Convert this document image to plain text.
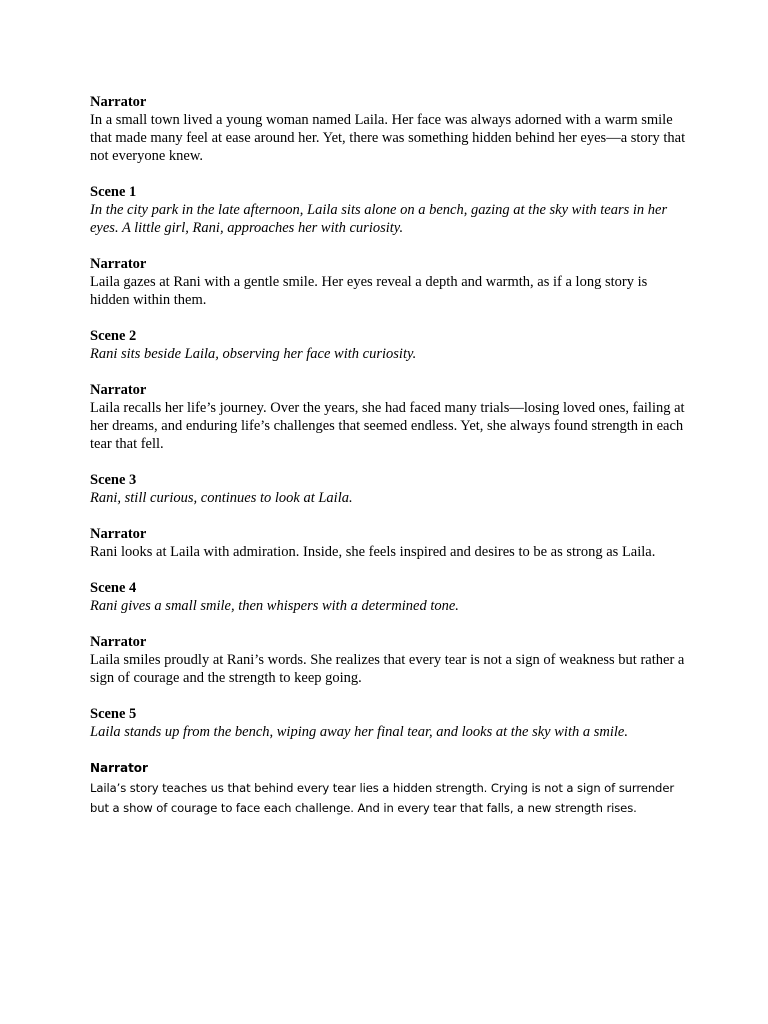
Narrator
In a small town lived a young woman named Laila. Her face was always adorned with a warm smile that made many feel at ease around her. Yet, there was something hidden behind her eyes—a story that not everyone knew.
Scene 1
In the city park in the late afternoon, Laila sits alone on a bench, gazing at the sky with tears in her eyes. A little girl, Rani, approaches her with curiosity.
Narrator
Laila gazes at Rani with a gentle smile. Her eyes reveal a depth and warmth, as if a long story is hidden within them.
Scene 2
Rani sits beside Laila, observing her face with curiosity.
Narrator
Laila recalls her life’s journey. Over the years, she had faced many trials—losing loved ones, failing at her dreams, and enduring life’s challenges that seemed endless. Yet, she always found strength in each tear that fell.
Scene 3
Rani, still curious, continues to look at Laila.
Narrator
Rani looks at Laila with admiration. Inside, she feels inspired and desires to be as strong as Laila.
Scene 4
Rani gives a small smile, then whispers with a determined tone.
Narrator
Laila smiles proudly at Rani’s words. She realizes that every tear is not a sign of weakness but rather a sign of courage and the strength to keep going.
Scene 5
Laila stands up from the bench, wiping away her final tear, and looks at the sky with a smile.
Narrator
Laila’s story teaches us that behind every tear lies a hidden strength. Crying is not a sign of surrender but a show of courage to face each challenge. And in every tear that falls, a new strength rises.
